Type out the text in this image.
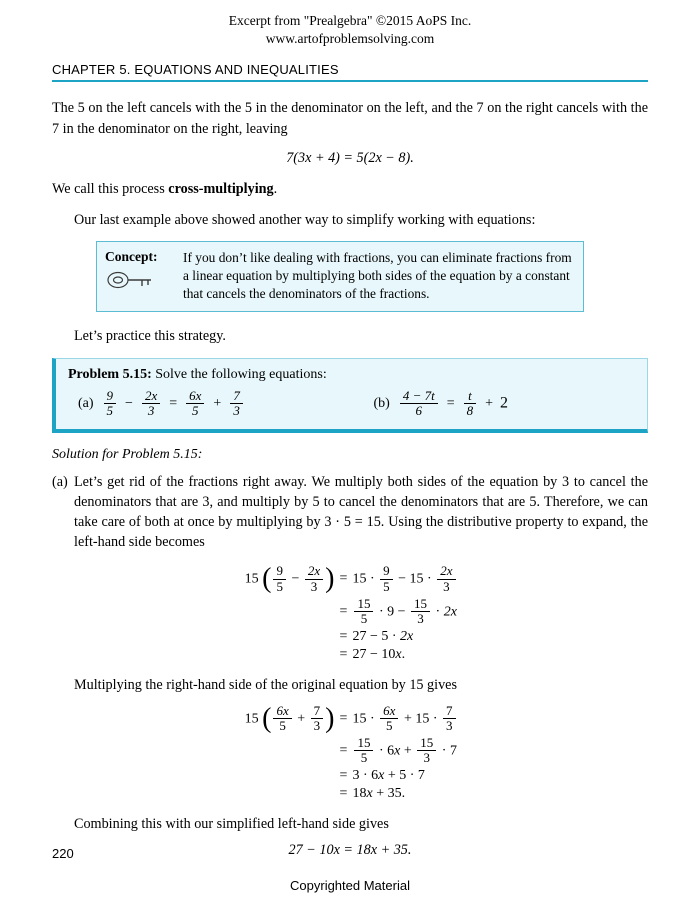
Excerpt from "Prealgebra" ©2015 AoPS Inc.
www.artofproblemsolving.com
CHAPTER 5. EQUATIONS AND INEQUALITIES

The 5 on the left cancels with the 5 in the denominator on the left, and the 7 on the right cancels with the 7 in the denominator on the right, leaving

7(3x + 4) = 5(2x − 8).

We call this process cross-multiplying.

Our last example above showed another way to simplify working with equations:

Concept:	If you don’t like dealing with fractions, you can eliminate fractions from a linear equation by multiplying both sides of the equation by a constant that cancels the denominators of the fractions.

Let’s practice this strategy.

Problem 5.15: Solve the following equations:
$(a) \frac{9}{5} - \frac{2x}{3} = \frac{6x}{5} + \frac{7}{3}$	$(b) \frac{4 - 7t}{6} = \frac{t}{8} + 2$
Solution for Problem 5.15:
(a) Let’s get rid of the fractions right away. We multiply both sides of the equation by 3 to cancel the denominators that are 3, and multiply by 5 to cancel the denominators that are 5. Therefore, we can take care of both at once by multiplying by 3 · 5 = 15. Using the distributive property to expand, the left-hand side becomes
15 ( $\frac{9}{5} - \frac{2x}{3}$ ) = $15 \cdot \frac{9}{5} - 15 \cdot \frac{2x}{3}$
= $\frac{15}{5} \cdot 9 - \frac{15}{3} \cdot 2x$
= 27 − 5 · 2x
= 27 − 10x.
Multiplying the right-hand side of the original equation by 15 gives
15 ( $\frac{6x}{5} + \frac{7}{3}$ ) = $15 \cdot \frac{6x}{5} + 15 \cdot \frac{7}{3}$
= $\frac{15}{5} \cdot 6x + \frac{15}{3} \cdot 7$
= 3 · 6x + 5 · 7
= 18x + 35.
Combining this with our simplified left-hand side gives
27 − 10x = 18x + 35.
220
Copyrighted Material
